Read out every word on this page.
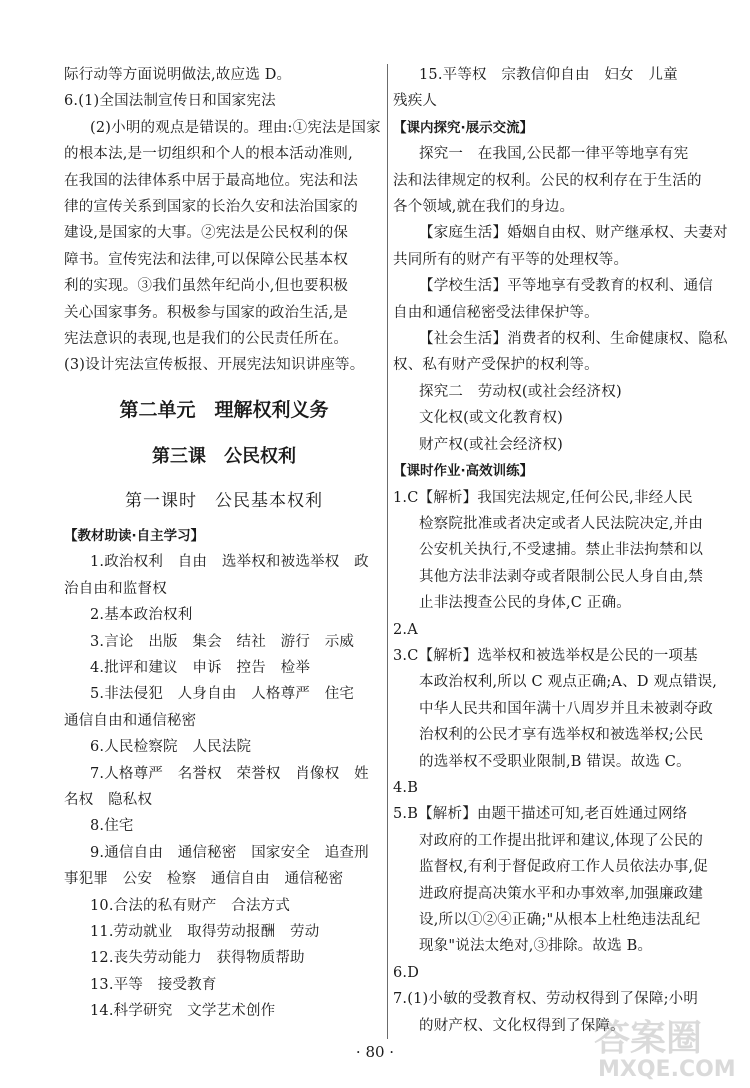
际行动等方面说明做法,故应选 D。
6.(1)全国法制宣传日和国家宪法
(2)小明的观点是错误的。理由:①宪法是国家
的根本法,是一切组织和个人的根本活动准则,
在我国的法律体系中居于最高地位。宪法和法
律的宣传关系到国家的长治久安和法治国家的
建设,是国家的大事。②宪法是公民权利的保
障书。宣传宪法和法律,可以保障公民基本权
利的实现。③我们虽然年纪尚小,但也要积极
关心国家事务。积极参与国家的政治生活,是
宪法意识的表现,也是我们的公民责任所在。
(3)设计宪法宣传板报、开展宪法知识讲座等。
第二单元　理解权利义务
第三课　公民权利
第一课时　公民基本权利
【教材助读·自主学习】
1.政治权利　自由　选举权和被选举权　政
治自由和监督权
2.基本政治权利
3.言论　出版　集会　结社　游行　示威
4.批评和建议　申诉　控告　检举
5.非法侵犯　人身自由　人格尊严　住宅
通信自由和通信秘密
6.人民检察院　人民法院
7.人格尊严　名誉权　荣誉权　肖像权　姓
名权　隐私权
8.住宅
9.通信自由　通信秘密　国家安全　追查刑
事犯罪　公安　检察　通信自由　通信秘密
10.合法的私有财产　合法方式
11.劳动就业　取得劳动报酬　劳动
12.丧失劳动能力　获得物质帮助
13.平等　接受教育
14.科学研究　文学艺术创作
15.平等权　宗教信仰自由　妇女　儿童
残疾人
【课内探究·展示交流】
探究一　在我国,公民都一律平等地享有宪
法和法律规定的权利。公民的权利存在于生活的
各个领域,就在我们的身边。
【家庭生活】婚姻自由权、财产继承权、夫妻对
共同所有的财产有平等的处理权等。
【学校生活】平等地享有受教育的权利、通信
自由和通信秘密受法律保护等。
【社会生活】消费者的权利、生命健康权、隐私
权、私有财产受保护的权利等。
探究二　劳动权(或社会经济权)
文化权(或文化教育权)
财产权(或社会经济权)
【课时作业·高效训练】
1.C【解析】我国宪法规定,任何公民,非经人民
检察院批准或者决定或者人民法院决定,并由
公安机关执行,不受逮捕。禁止非法拘禁和以
其他方法非法剥夺或者限制公民人身自由,禁
止非法搜查公民的身体,C 正确。
2.A
3.C【解析】选举权和被选举权是公民的一项基
本政治权利,所以 C 观点正确;A、D 观点错误,
中华人民共和国年满十八周岁并且未被剥夺政
治权利的公民才享有选举权和被选举权;公民
的选举权不受职业限制,B 错误。故选 C。
4.B
5.B【解析】由题干描述可知,老百姓通过网络
对政府的工作提出批评和建议,体现了公民的
监督权,有利于督促政府工作人员依法办事,促
进政府提高决策水平和办事效率,加强廉政建
设,所以①②④正确;"从根本上杜绝违法乱纪
现象"说法太绝对,③排除。故选 B。
6.D
7.(1)小敏的受教育权、劳动权得到了保障;小明
的财产权、文化权得到了保障。
· 80 ·	答案圈
MXQE.COM
